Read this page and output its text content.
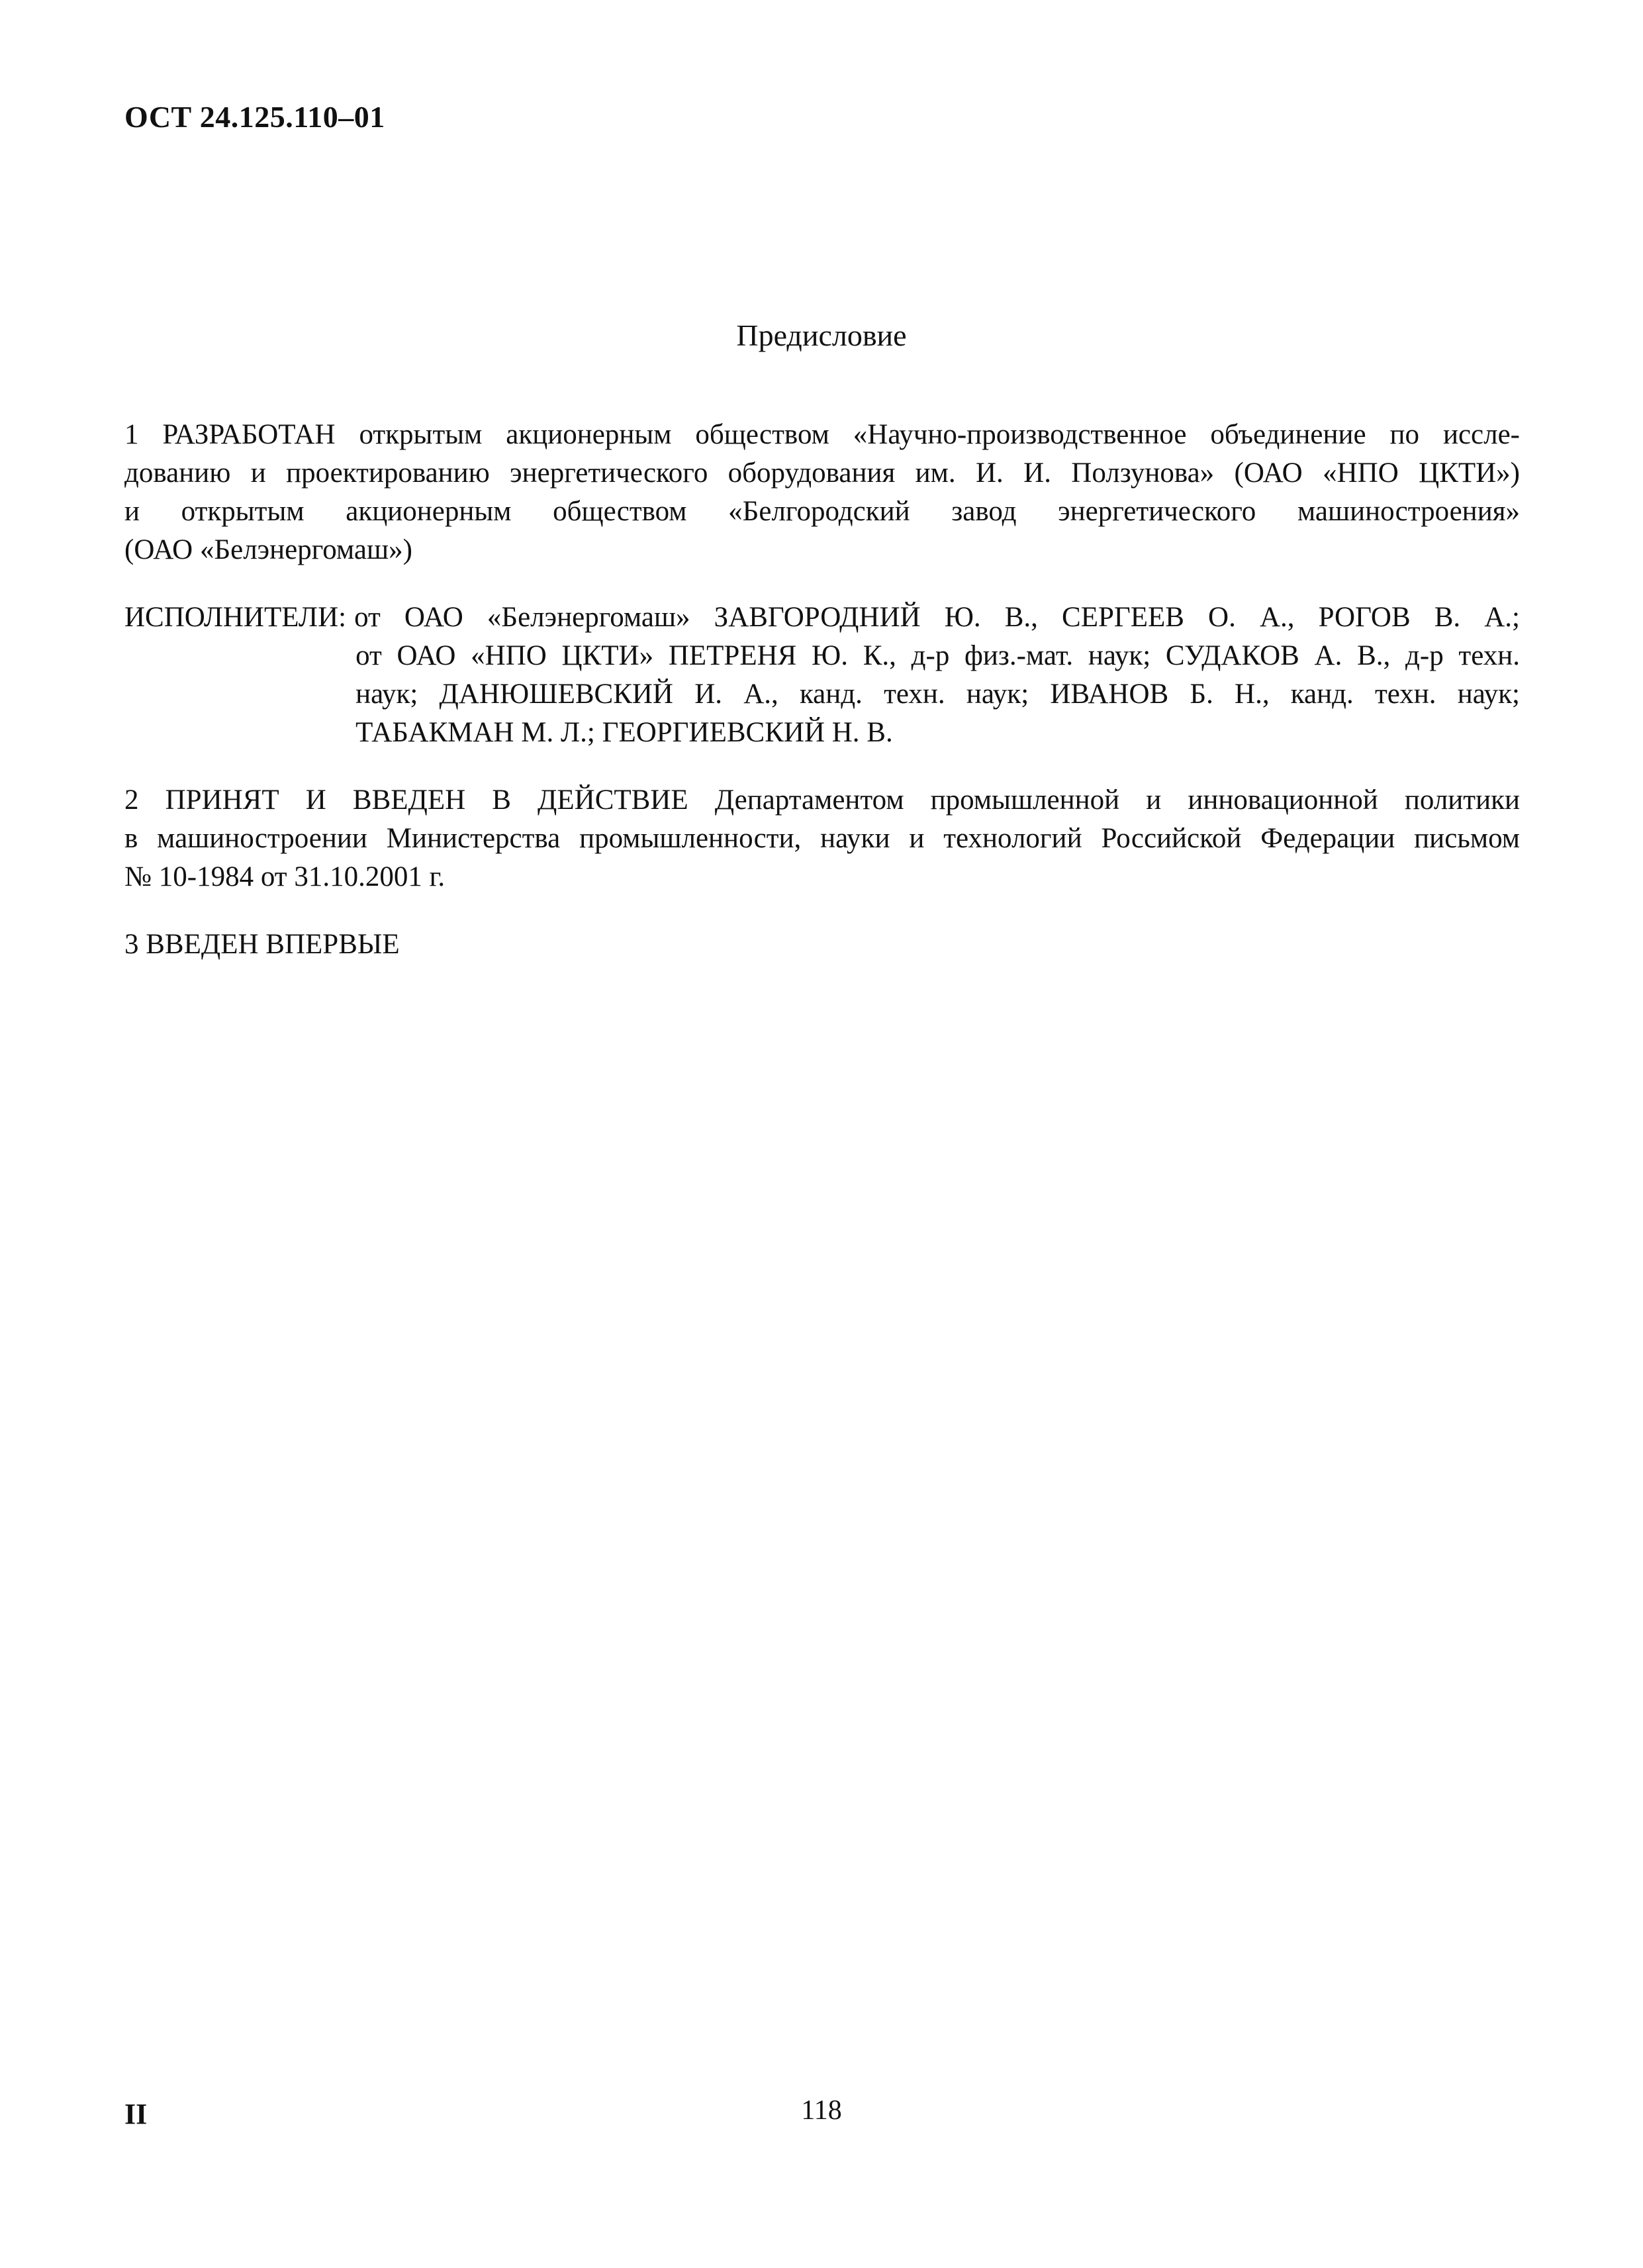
ОСТ 24.125.110–01
Предисловие
1 РАЗРАБОТАН открытым акционерным обществом «Научно-производственное объединение по иссле-
дованию и проектированию энергетического оборудования им. И. И. Ползунова» (ОАО «НПО ЦКТИ»)
и открытым акционерным обществом «Белгородский завод энергетического машиностроения»
(ОАО «Белэнергомаш»)
ИСПОЛНИТЕЛИ: от ОАО «Белэнергомаш» ЗАВГОРОДНИЙ Ю. В., СЕРГЕЕВ О. А., РОГОВ В. А.;
от ОАО «НПО ЦКТИ» ПЕТРЕНЯ Ю. К., д-р физ.-мат. наук; СУДАКОВ А. В., д-р техн.
наук; ДАНЮШЕВСКИЙ И. А., канд. техн. наук; ИВАНОВ Б. Н., канд. техн. наук;
ТАБАКМАН М. Л.; ГЕОРГИЕВСКИЙ Н. В.
2 ПРИНЯТ И ВВЕДЕН В ДЕЙСТВИЕ Департаментом промышленной и инновационной политики
в машиностроении Министерства промышленности, науки и технологий Российской Федерации письмом
№ 10-1984 от 31.10.2001 г.
3 ВВЕДЕН ВПЕРВЫЕ
II	118
